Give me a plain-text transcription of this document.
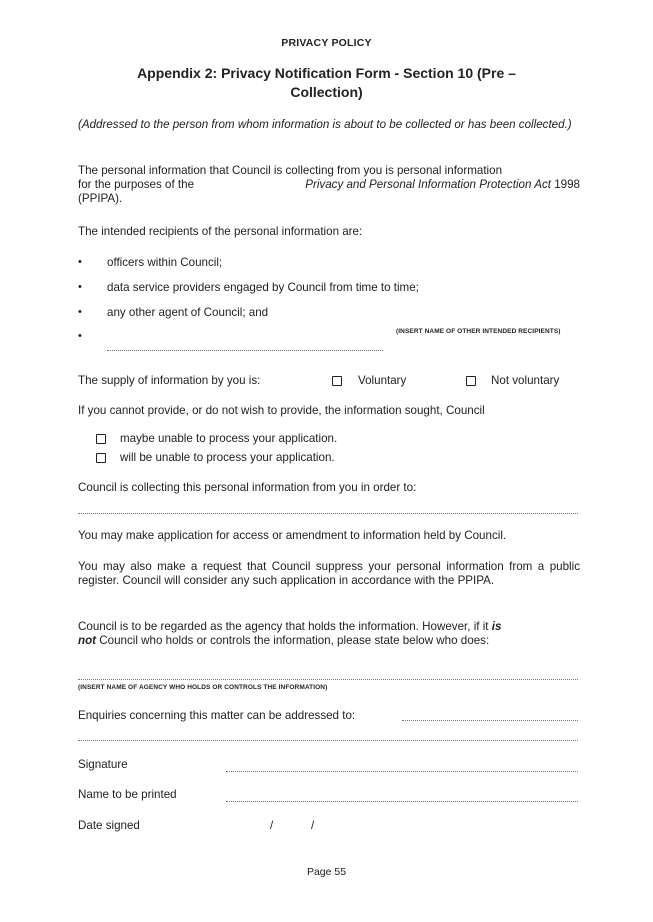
PRIVACY POLICY
Appendix 2: Privacy Notification Form - Section 10 (Pre –
Collection)
(Addressed to the person from whom information is about to be collected or has been collected.)
The personal information that Council is collecting from you is personal information
for the purposes of the	Privacy and Personal Information Protection Act 1998
(PPIPA).
The intended recipients of the personal information are:
• officers within Council;
• data service providers engaged by Council from time to time;
• any other agent of Council; and
•	(INSERT NAME OF OTHER INTENDED RECIPIENTS)
The supply of information by you is:	Voluntary	Not voluntary
If you cannot provide, or do not wish to provide, the information sought, Council
maybe unable to process your application.
will be unable to process your application.
Council is collecting this personal information from you in order to:
You may make application for access or amendment to information held by Council.
You may also make a request that Council suppress your personal information from a public register. Council will consider any such application in accordance with the PPIPA.
Council is to be regarded as the agency that holds the information. However, if it is
not Council who holds or controls the information, please state below who does:
(INSERT NAME OF AGENCY WHO HOLDS OR CONTROLS THE INFORMATION)
Enquiries concerning this matter can be addressed to:
Signature
Name to be printed
Date signed	/	/
Page 55
